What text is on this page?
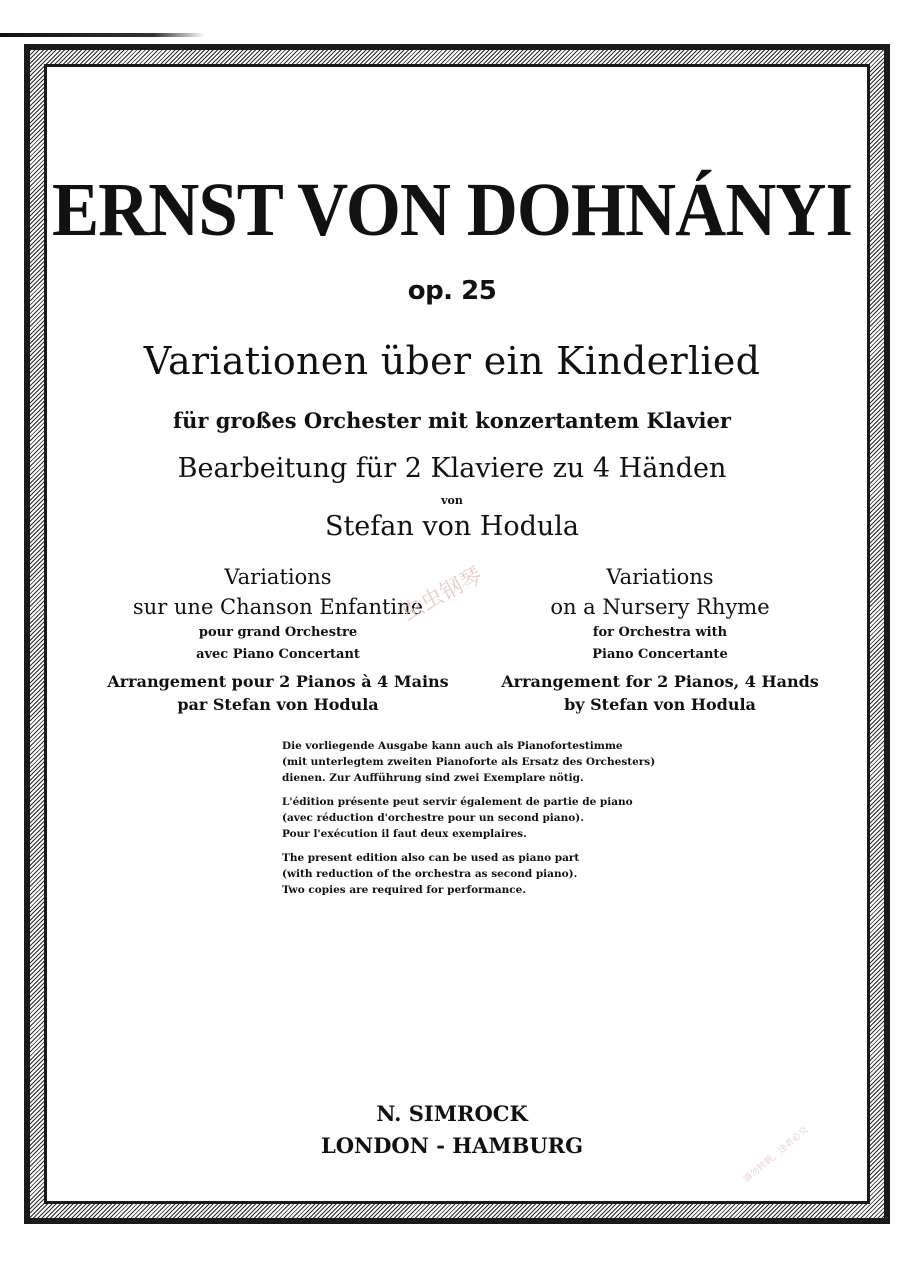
ERNST VON DOHNÁNYI
op. 25
Variationen über ein Kinderlied
für großes Orchester mit konzertantem Klavier
Bearbeitung für 2 Klaviere zu 4 Händen
von
Stefan von Hodula
Variations
sur une Chanson Enfantine
pour grand Orchestre
avec Piano Concertant
Arrangement pour 2 Pianos à 4 Mains
par Stefan von Hodula
Variations
on a Nursery Rhyme
for Orchestra with
Piano Concertante
Arrangement for 2 Pianos, 4 Hands
by Stefan von Hodula

Die vorliegende Ausgabe kann auch als Pianofortestimme
(mit unterlegtem zweiten Pianoforte als Ersatz des Orchesters)
dienen. Zur Aufführung sind zwei Exemplare nötig.

L'édition présente peut servir également de partie de piano
(avec réduction d'orchestre pour un second piano).
Pour l'exécution il faut deux exemplaires.

The present edition also can be used as piano part
(with reduction of the orchestra as second piano).
Two copies are required for performance.

N. SIMROCK
LONDON - HAMBURG
虫虫钢琴
请勿转载，违者必究
